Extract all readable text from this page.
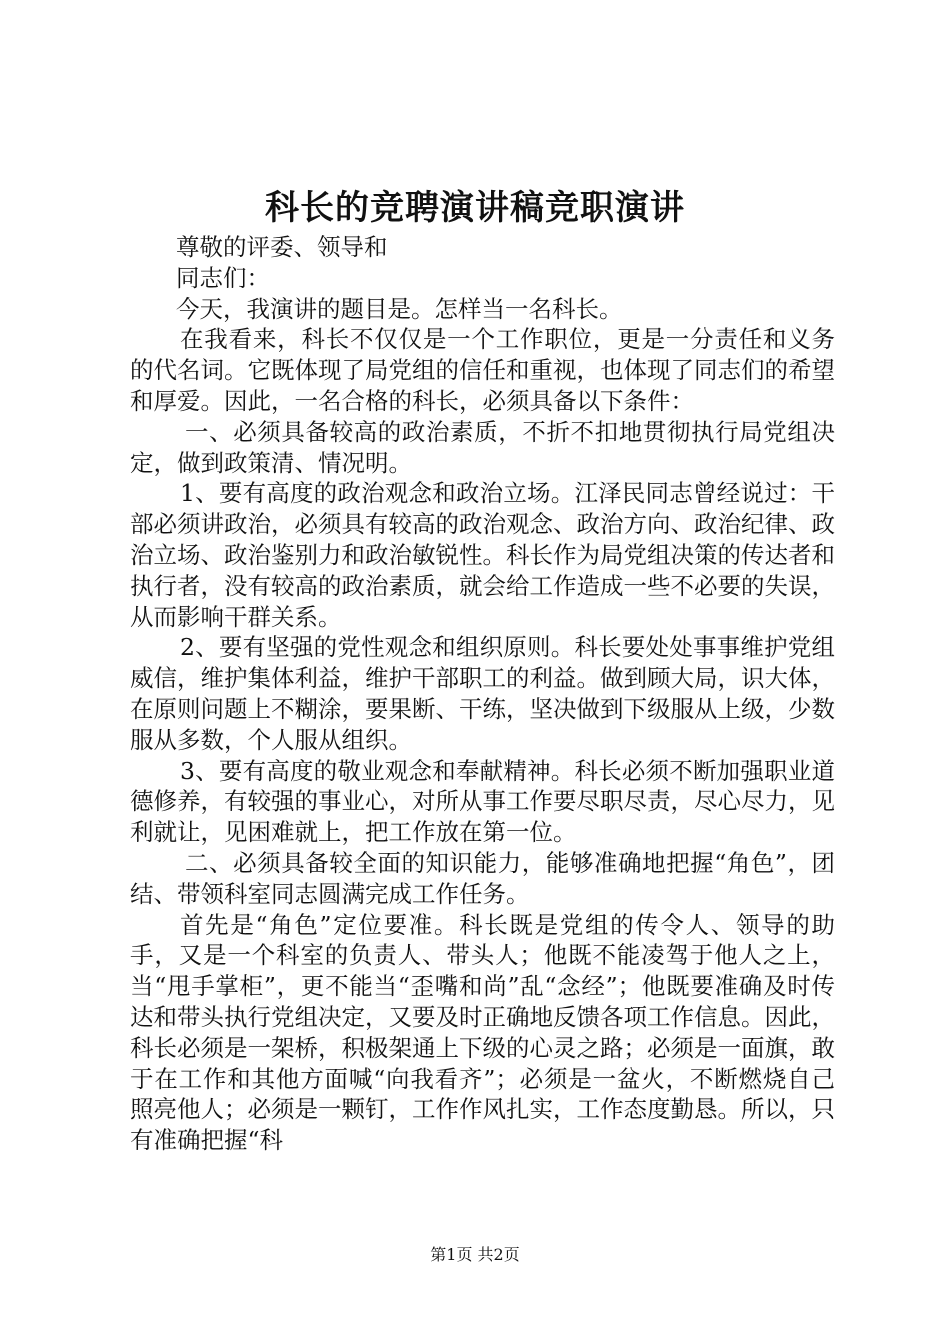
科长的竞聘演讲稿竞职演讲

尊敬的评委、领导和

同志们：

今天，我演讲的题目是。怎样当一名科长。

在我看来，科长不仅仅是一个工作职位，更是一分责任和义务的代名词。它既体现了局党组的信任和重视，也体现了同志们的希望和厚爱。因此，一名合格的科长，必须具备以下条件：

一、必须具备较高的政治素质，不折不扣地贯彻执行局党组决定，做到政策清、情况明。

1、要有高度的政治观念和政治立场。江泽民同志曾经说过：干部必须讲政治，必须具有较高的政治观念、政治方向、政治纪律、政治立场、政治鉴别力和政治敏锐性。科长作为局党组决策的传达者和执行者，没有较高的政治素质，就会给工作造成一些不必要的失误，从而影响干群关系。

2、要有坚强的党性观念和组织原则。科长要处处事事维护党组威信，维护集体利益，维护干部职工的利益。做到顾大局，识大体，在原则问题上不糊涂，要果断、干练，坚决做到下级服从上级，少数服从多数，个人服从组织。

3、要有高度的敬业观念和奉献精神。科长必须不断加强职业道德修养，有较强的事业心，对所从事工作要尽职尽责，尽心尽力，见利就让，见困难就上，把工作放在第一位。

二、必须具备较全面的知识能力，能够准确地把握“角色”，团结、带领科室同志圆满完成工作任务。

首先是“角色”定位要准。科长既是党组的传令人、领导的助手，又是一个科室的负责人、带头人；他既不能凌驾于他人之上，当“甩手掌柜”，更不能当“歪嘴和尚”乱“念经”；他既要准确及时传达和带头执行党组决定，又要及时正确地反馈各项工作信息。因此，科长必须是一架桥，积极架通上下级的心灵之路；必须是一面旗，敢于在工作和其他方面喊“向我看齐”；必须是一盆火，不断燃烧自己照亮他人；必须是一颗钉，工作作风扎实，工作态度勤恳。所以，只有准确把握“科

第1页 共2页
